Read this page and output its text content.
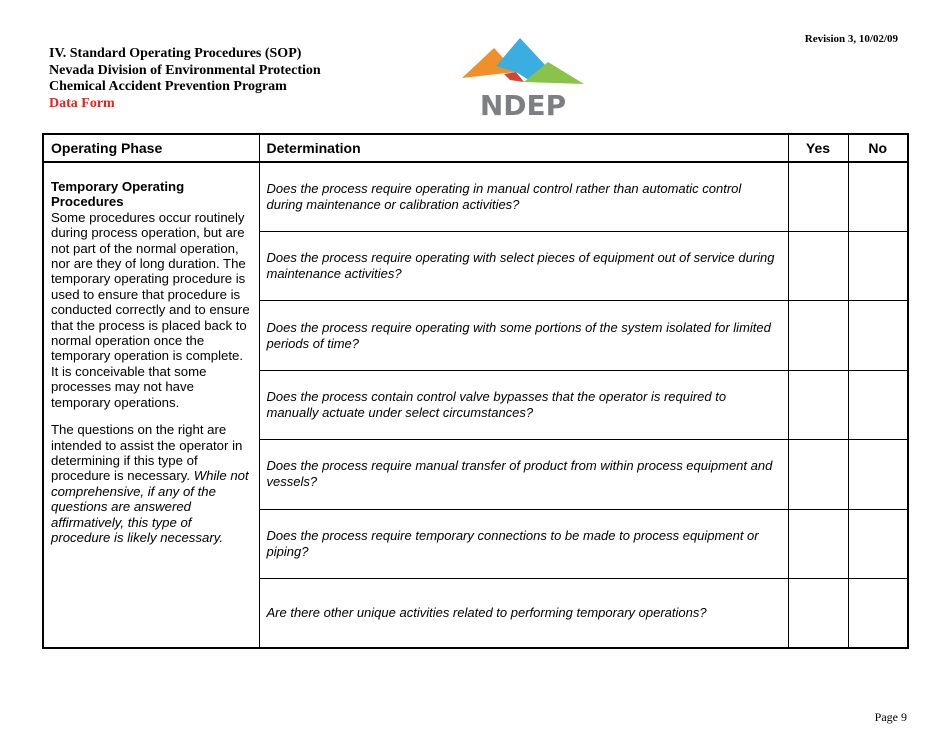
IV. Standard Operating Procedures (SOP)
Nevada Division of Environmental Protection
Chemical Accident Prevention Program
Data Form
Revision 3, 10/02/09
NDEP
Operating Phase	Determination	Yes	No

Temporary Operating Procedures

Some procedures occur routinely during process operation, but are not part of the normal operation, nor are they of long duration. The temporary operating procedure is used to ensure that procedure is conducted correctly and to ensure that the process is placed back to normal operation once the temporary operation is complete. It is conceivable that some processes may not have temporary operations.

The questions on the right are intended to assist the operator in determining if this type of procedure is necessary. While not comprehensive, if any of the questions are answered affirmatively, this type of procedure is likely necessary.	Does the process require operating in manual control rather than automatic control during maintenance or calibration activities?		
	Does the process require operating with select pieces of equipment out of service during maintenance activities?		
	Does the process require operating with some portions of the system isolated for limited periods of time?		
	Does the process contain control valve bypasses that the operator is required to manually actuate under select circumstances?		
	Does the process require manual transfer of product from within process equipment and vessels?		
	Does the process require temporary connections to be made to process equipment or piping?		
	Are there other unique activities related to performing temporary operations?		
Page 9
